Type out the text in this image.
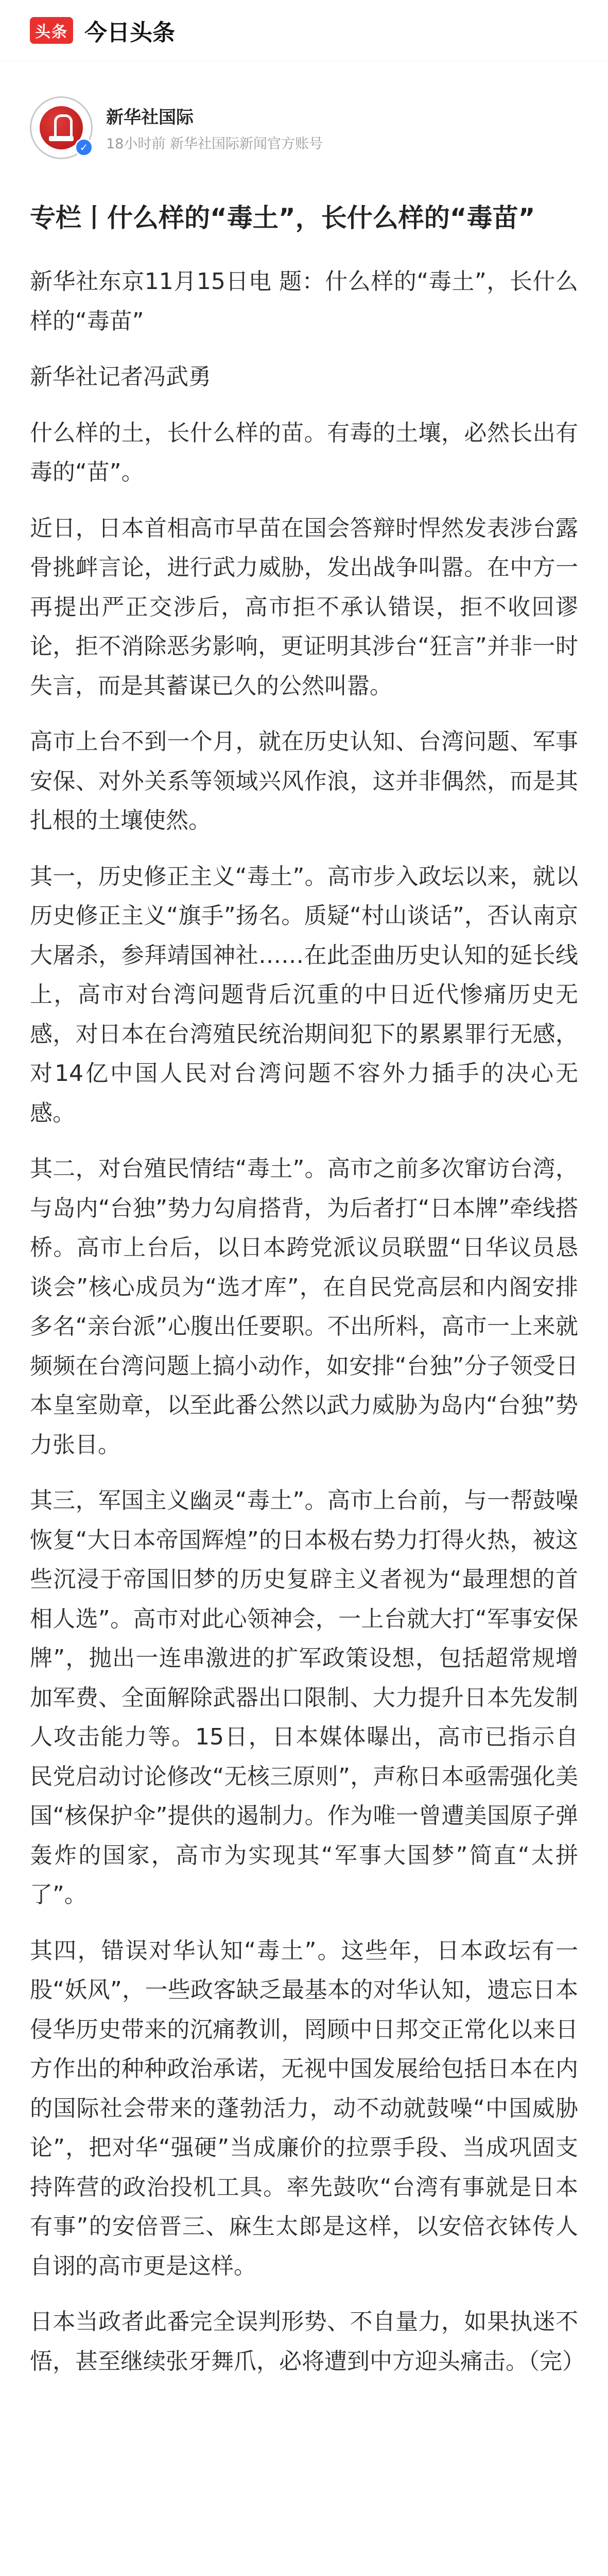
头条 今日头条
✓
新华社国际
18小时前 新华社国际新闻官方账号
专栏丨什么样的“毒土”，长什么样的“毒苗”

新华社东京11月15日电 题：什么样的“毒土”，长什么样的“毒苗”

新华社记者冯武勇

什么样的土，长什么样的苗。有毒的土壤，必然长出有毒的“苗”。

近日，日本首相高市早苗在国会答辩时悍然发表涉台露骨挑衅言论，进行武力威胁，发出战争叫嚣。在中方一再提出严正交涉后，高市拒不承认错误，拒不收回谬论，拒不消除恶劣影响，更证明其涉台“狂言”并非一时失言，而是其蓄谋已久的公然叫嚣。

高市上台不到一个月，就在历史认知、台湾问题、军事安保、对外关系等领域兴风作浪，这并非偶然，而是其扎根的土壤使然。

其一，历史修正主义“毒土”。高市步入政坛以来，就以历史修正主义“旗手”扬名。质疑“村山谈话”，否认南京大屠杀，参拜靖国神社……在此歪曲历史认知的延长线上，高市对台湾问题背后沉重的中日近代惨痛历史无感，对日本在台湾殖民统治期间犯下的累累罪行无感，对14亿中国人民对台湾问题不容外力插手的决心无感。

其二，对台殖民情结“毒土”。高市之前多次窜访台湾，与岛内“台独”势力勾肩搭背，为后者打“日本牌”牵线搭桥。高市上台后，以日本跨党派议员联盟“日华议员恳谈会”核心成员为“选才库”，在自民党高层和内阁安排多名“亲台派”心腹出任要职。不出所料，高市一上来就频频在台湾问题上搞小动作，如安排“台独”分子领受日本皇室勋章，以至此番公然以武力威胁为岛内“台独”势力张目。

其三，军国主义幽灵“毒土”。高市上台前，与一帮鼓噪恢复“大日本帝国辉煌”的日本极右势力打得火热，被这些沉浸于帝国旧梦的历史复辟主义者视为“最理想的首相人选”。高市对此心领神会，一上台就大打“军事安保牌”，抛出一连串激进的扩军政策设想，包括超常规增加军费、全面解除武器出口限制、大力提升日本先发制人攻击能力等。15日，日本媒体曝出，高市已指示自民党启动讨论修改“无核三原则”，声称日本亟需强化美国“核保护伞”提供的遏制力。作为唯一曾遭美国原子弹轰炸的国家，高市为实现其“军事大国梦”简直“太拼了”。

其四，错误对华认知“毒土”。这些年，日本政坛有一股“妖风”，一些政客缺乏最基本的对华认知，遗忘日本侵华历史带来的沉痛教训，罔顾中日邦交正常化以来日方作出的种种政治承诺，无视中国发展给包括日本在内的国际社会带来的蓬勃活力，动不动就鼓噪“中国威胁论”，把对华“强硬”当成廉价的拉票手段、当成巩固支持阵营的政治投机工具。率先鼓吹“台湾有事就是日本有事”的安倍晋三、麻生太郎是这样，以安倍衣钵传人自诩的高市更是这样。

日本当政者此番完全误判形势、不自量力，如果执迷不悟，甚至继续张牙舞爪，必将遭到中方迎头痛击。（完）
